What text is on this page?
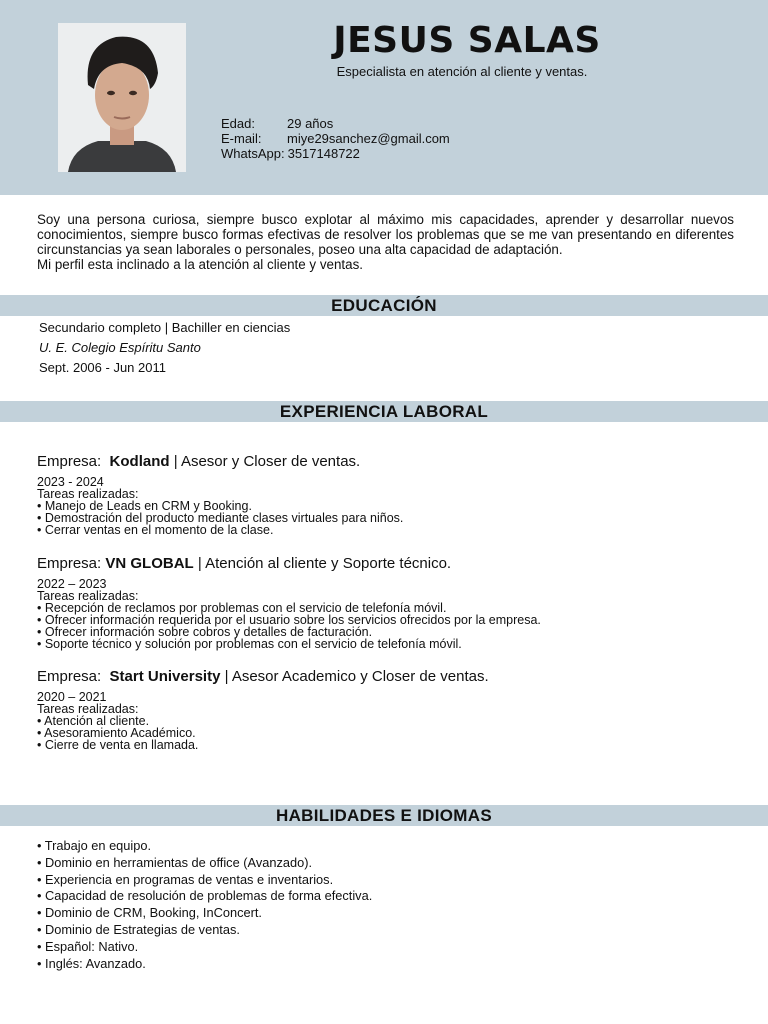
JESUS SALAS
Especialista en atención al cliente y ventas.
Edad:	29 años
E-mail:	miye29sanchez@gmail.com
WhatsApp: 3517148722

Soy una persona curiosa, siempre busco explotar al máximo mis capacidades, aprender y desarrollar nuevos conocimientos, siempre busco formas efectivas de resolver los problemas que se me van presentando en diferentes circunstancias ya sean laborales o personales, poseo una alta capacidad de adaptación.

Mi perfil esta inclinado a la atención al cliente y ventas.

EDUCACIÓN
Secundario completo | Bachiller en ciencias
U. E. Colegio Espíritu Santo
Sept. 2006 - Jun 2011
EXPERIENCIA LABORAL
Empresa: Kodland | Asesor y Closer de ventas.
2023 - 2024
Tareas realizadas:
• Manejo de Leads en CRM y Booking.
• Demostración del producto mediante clases virtuales para niños.
• Cerrar ventas en el momento de la clase.
Empresa: VN GLOBAL | Atención al cliente y Soporte técnico.
2022 – 2023
Tareas realizadas:
• Recepción de reclamos por problemas con el servicio de telefonía móvil.
• Ofrecer información requerida por el usuario sobre los servicios ofrecidos por la empresa.
• Ofrecer información sobre cobros y detalles de facturación.
• Soporte técnico y solución por problemas con el servicio de telefonía móvil.
Empresa: Start University | Asesor Academico y Closer de ventas.
2020 – 2021
Tareas realizadas:
• Atención al cliente.
• Asesoramiento Académico.
• Cierre de venta en llamada.
HABILIDADES E IDIOMAS
• Trabajo en equipo.
• Dominio en herramientas de office (Avanzado).
• Experiencia en programas de ventas e inventarios.
• Capacidad de resolución de problemas de forma efectiva.
• Dominio de CRM, Booking, InConcert.
• Dominio de Estrategias de ventas.
• Español: Nativo.
• Inglés: Avanzado.
